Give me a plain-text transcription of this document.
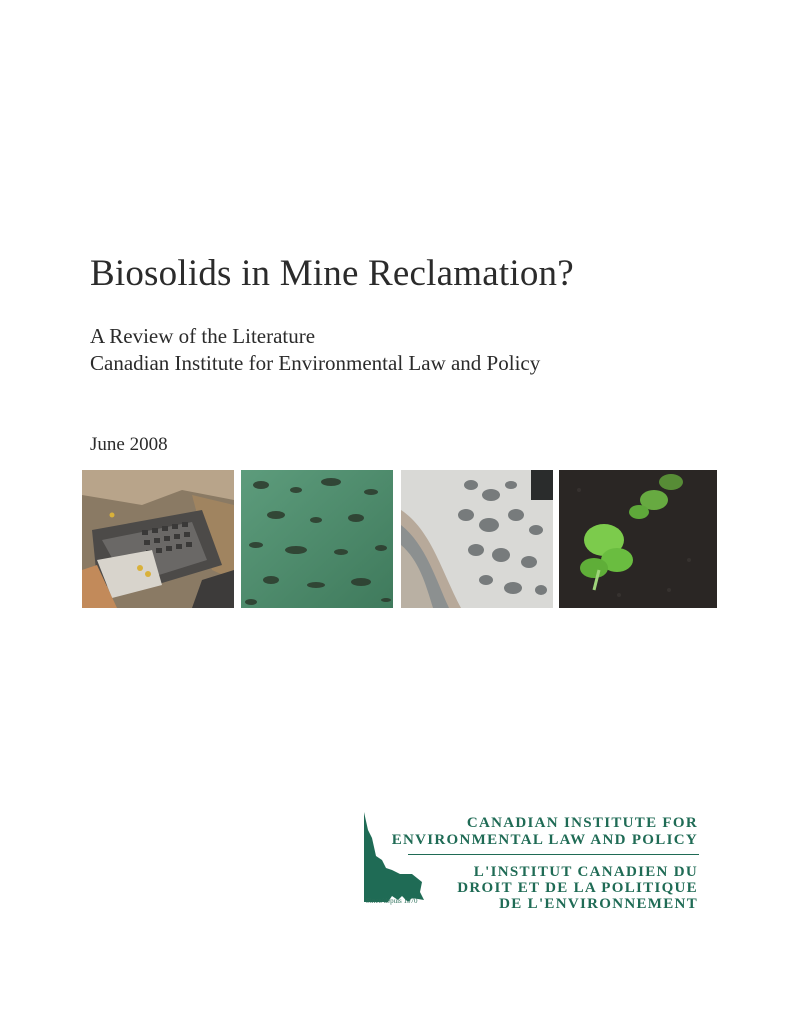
Biosolids in Mine Reclamation?
A Review of the Literature
Canadian Institute for Environmental Law and Policy
June 2008
Since/depuis 1970
CANADIAN INSTITUTE FOR
ENVIRONMENTAL LAW AND POLICY
L'INSTITUT CANADIEN DU
DROIT ET DE LA POLITIQUE
DE L'ENVIRONNEMENT
